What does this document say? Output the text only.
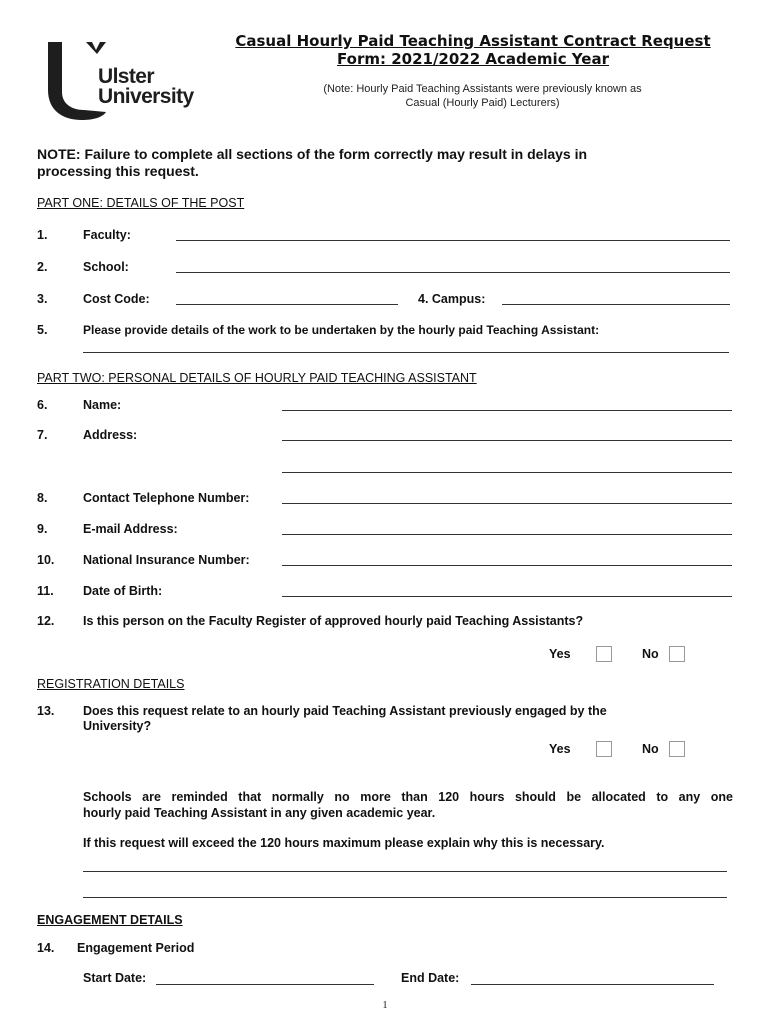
Ulster
University
Casual Hourly Paid Teaching Assistant Contract Request
Form: 2021/2022 Academic Year
(Note: Hourly Paid Teaching Assistants were previously known as
Casual (Hourly Paid) Lecturers)
NOTE: Failure to complete all sections of the form correctly may result in delays in
processing this request.
PART ONE: DETAILS OF THE POST
1.	Faculty:
2.	School:
3.	Cost Code:	4. Campus:
5.	Please provide details of the work to be undertaken by the hourly paid Teaching Assistant:
PART TWO: PERSONAL DETAILS OF HOURLY PAID TEACHING ASSISTANT
6.	Name:
7.	Address:
8.	Contact Telephone Number:
9.	E-mail Address:
10. National Insurance Number:
11. Date of Birth:
12. Is this person on the Faculty Register of approved hourly paid Teaching Assistants?
Yes	No
REGISTRATION DETAILS
13. Does this request relate to an hourly paid Teaching Assistant previously engaged by the
University?
Yes	No
Schools are reminded that normally no more than 120 hours should be allocated to any one
hourly paid Teaching Assistant in any given academic year.
If this request will exceed the 120 hours maximum please explain why this is necessary.
ENGAGEMENT DETAILS
14. Engagement Period
Start Date:	End Date:
1
